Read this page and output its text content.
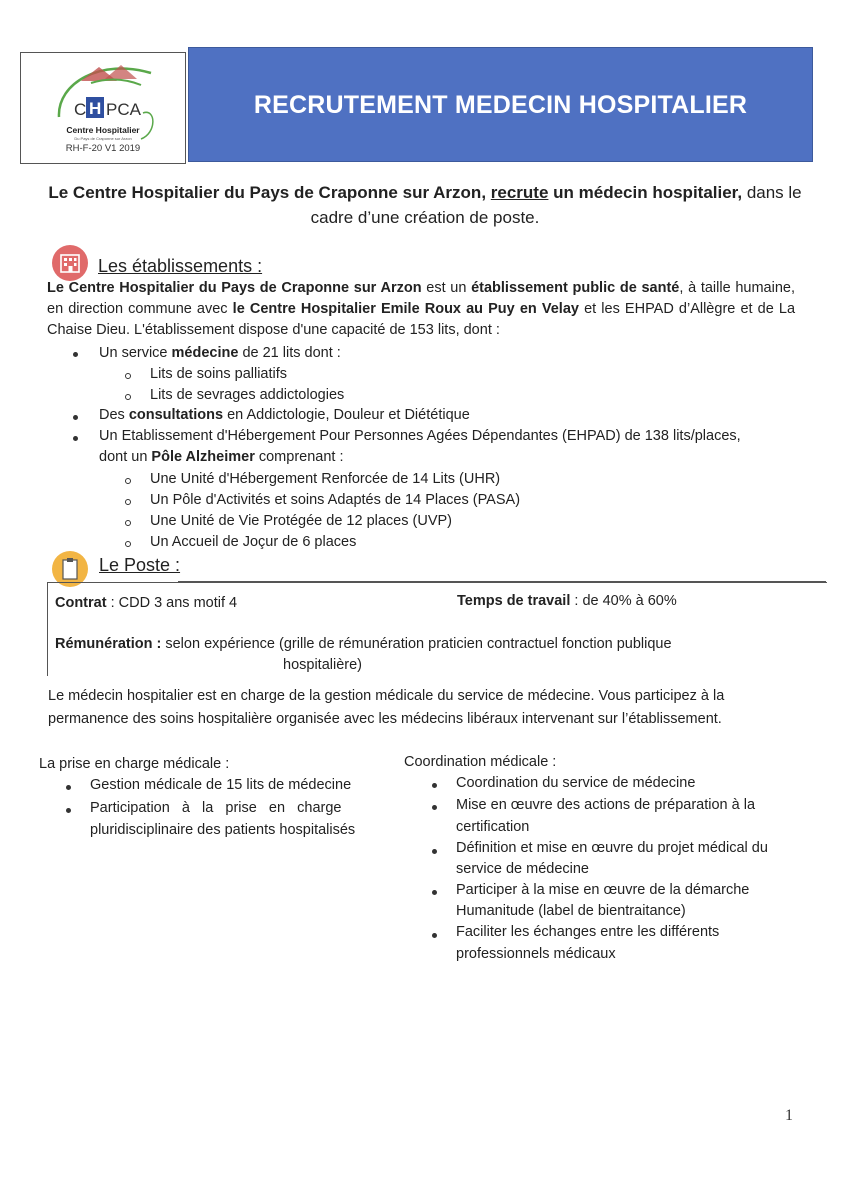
C H PCA
Centre Hospitalier
Du Pays de Craponne sur Arzon
RH-F-20 V1 2019
RECRUTEMENT MEDECIN HOSPITALIER
Le Centre Hospitalier du Pays de Craponne sur Arzon, recrute un médecin hospitalier, dans le
cadre d’une création de poste.
Les établissements :
Le Centre Hospitalier du Pays de Craponne sur Arzon est un établissement public de santé, à taille humaine, en direction commune avec le Centre Hospitalier Emile Roux au Puy en Velay et les EHPAD d’Allègre et de La Chaise Dieu. L'établissement dispose d'une capacité de 153 lits, dont :
Un service médecine de 21 lits dont :
Lits de soins palliatifs
Lits de sevrages addictologies
Des consultations en Addictologie, Douleur et Diététique
Un Etablissement d'Hébergement Pour Personnes Agées Dépendantes (EHPAD) de 138 lits/places,
dont un Pôle Alzheimer comprenant :
Une Unité d'Hébergement Renforcée de 14 Lits (UHR)
Un Pôle d'Activités et soins Adaptés de 14 Places (PASA)
Une Unité de Vie Protégée de 12 places (UVP)
Un Accueil de Joçur de 6 places
Le Poste :
Contrat : CDD 3 ans motif 4	Temps de travail : de 40% à 60%
Rémunération : selon expérience (grille de rémunération praticien contractuel fonction publique
hospitalière)
Le médecin hospitalier est en charge de la gestion médicale du service de médecine. Vous participez à la
permanence des soins hospitalière organisée avec les médecins libéraux intervenant sur l’établissement.
La prise en charge médicale :
Gestion médicale de 15 lits de médecine
Participation   à   la   prise   en   charge
pluridisciplinaire des patients hospitalisés
Coordination médicale :
Coordination du service de médecine
Mise en œuvre des actions de préparation à la
certification
Définition et mise en œuvre du projet médical du
service de médecine
Participer à la mise en œuvre de la démarche
Humanitude (label de bientraitance)
Faciliter les échanges entre les différents
professionnels médicaux
1
